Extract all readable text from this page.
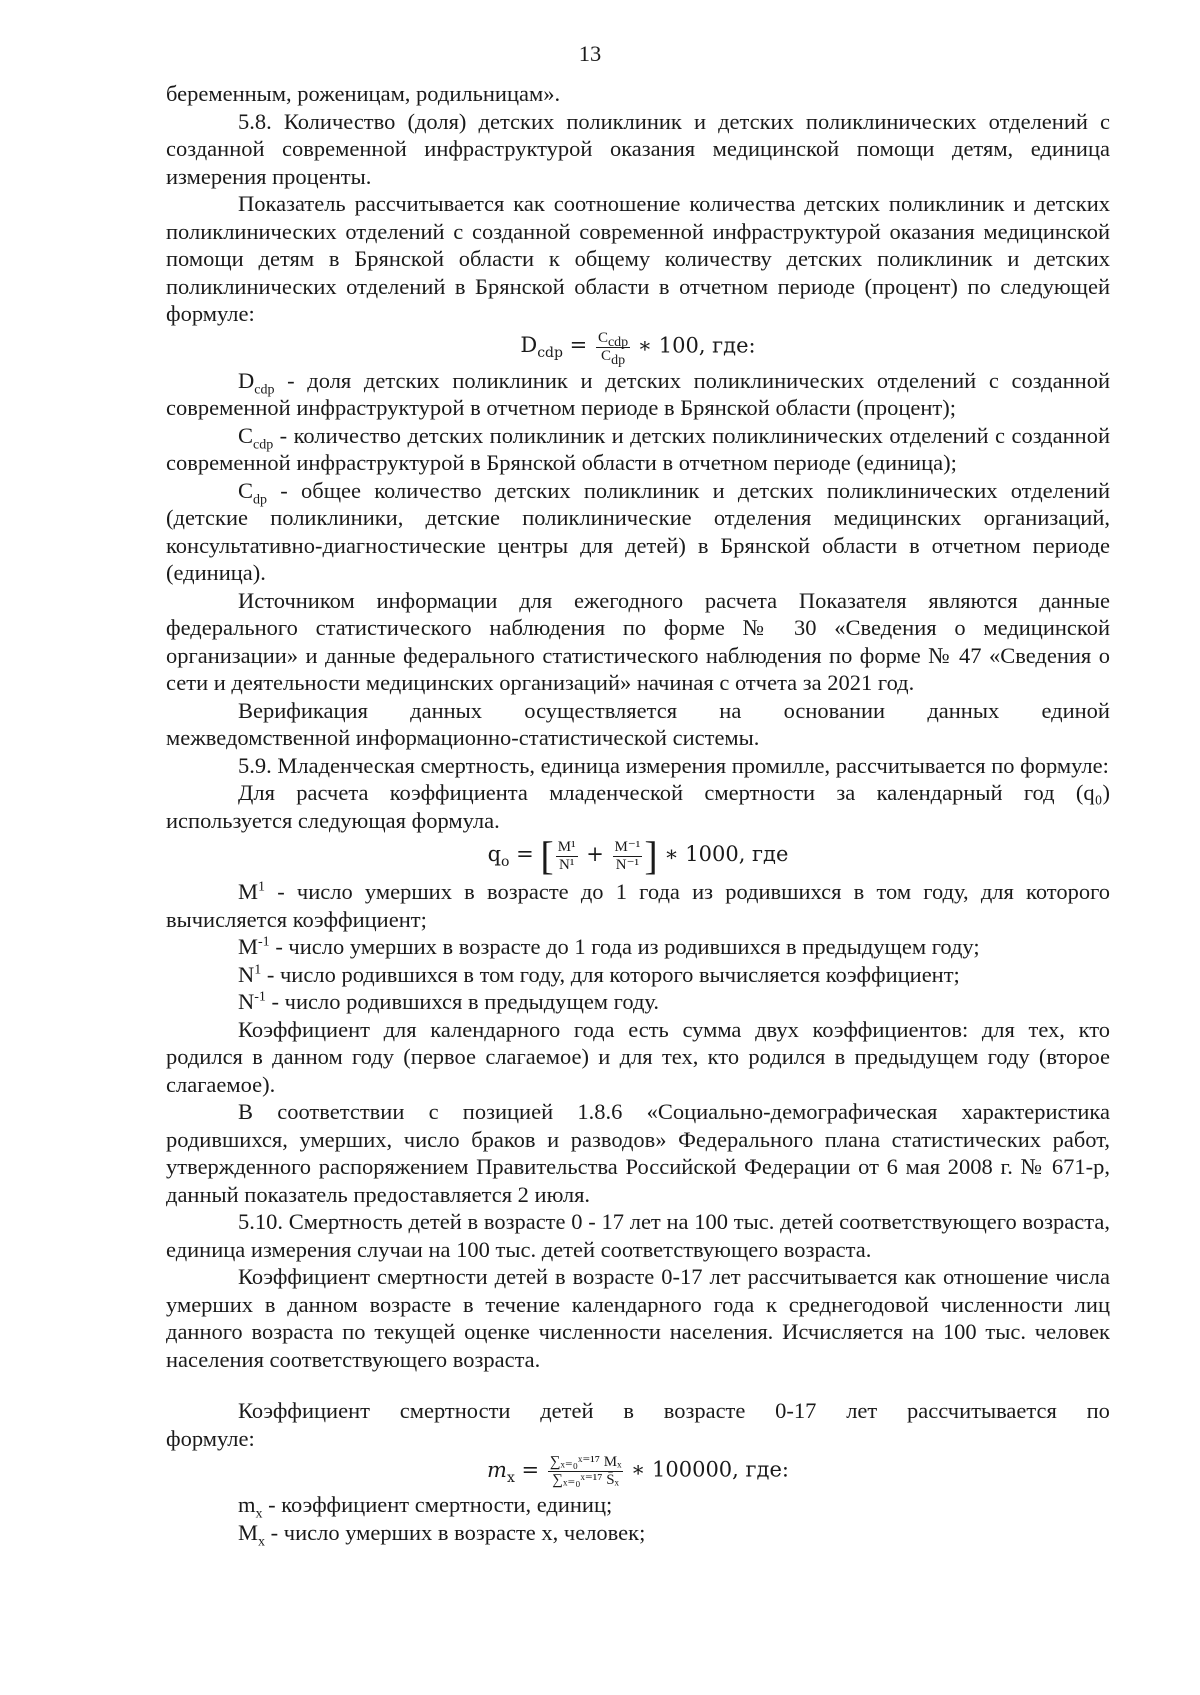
13

беременным, роженицам, родильницам».

5.8. Количество (доля) детских поликлиник и детских поликлинических отделений с созданной современной инфраструктурой оказания медицинской помощи детям, единица измерения проценты.

Показатель рассчитывается как соотношение количества детских поликлиник и детских поликлинических отделений с созданной современной инфраструктурой оказания медицинской помощи детям в Брянской области к общему количеству детских поликлиник и детских поликлинических отделений в Брянской области в отчетном периоде (процент) по следующей формуле:

$D_{cdp} = \frac{C_{cdp}}{C_{dp}}$ ∗ 100, где:

$D_{cdp}$ - доля детских поликлиник и детских поликлинических отделений с созданной современной инфраструктурой в отчетном периоде в Брянской области (процент);

$C_{cdp}$ - количество детских поликлиник и детских поликлинических отделений с созданной современной инфраструктурой в Брянской области в отчетном периоде (единица);

$C_{dp}$ - общее количество детских поликлиник и детских поликлинических отделений (детские поликлиники, детские поликлинические отделения медицинских организаций, консультативно-диагностические центры для детей) в Брянской области в отчетном периоде (единица).

Источником информации для ежегодного расчета Показателя являются данные федерального статистического наблюдения по форме № 30 «Сведения о медицинской организации» и данные федерального статистического наблюдения по форме № 47 «Сведения о сети и деятельности медицинских организаций» начиная с отчета за 2021 год.

Верификация данных осуществляется на основании данных единой

межведомственной информационно-статистической системы.

5.9. Младенческая смертность, единица измерения промилле, рассчитывается по формуле:

Для расчета коэффициента младенческой смертности за календарный год (q₀) используется следующая формула.

$q_o$ = [ $\frac{\text{M¹}}{\text{N¹}} + \frac{\text{M⁻¹}}{\text{N⁻¹}}$ ] ∗ 1000, где

$M^1$ - число умерших в возрасте до 1 года из родившихся в том году, для которого вычисляется коэффициент;

$M^{-1}$ - число умерших в возрасте до 1 года из родившихся в предыдущем году;

$N^1$ - число родившихся в том году, для которого вычисляется коэффициент;

$N^{-1}$ - число родившихся в предыдущем году.

Коэффициент для календарного года есть сумма двух коэффициентов: для тех, кто родился в данном году (первое слагаемое) и для тех, кто родился в предыдущем году (второе слагаемое).

В соответствии с позицией 1.8.6 «Социально-демографическая характеристика родившихся, умерших, число браков и разводов» Федерального плана статистических работ, утвержденного распоряжением Правительства Российской Федерации от 6 мая 2008 г. № 671-р, данный показатель предоставляется 2 июля.

5.10. Смертность детей в возрасте 0 - 17 лет на 100 тыс. детей соответствующего возраста, единица измерения случаи на 100 тыс. детей соответствующего возраста.

Коэффициент смертности детей в возрасте 0-17 лет рассчитывается как отношение числа умерших в данном возрасте в течение календарного года к среднегодовой численности лиц данного возраста по текущей оценке численности населения. Исчисляется на 100 тыс. человек населения соответствующего возраста.

Коэффициент смертности детей в возрасте 0-17 лет рассчитывается по

формуле:

$m_x = \frac{\text{∑ₓ₌₀ˣ⁼¹⁷ Mₓ}}{\text{∑ₓ₌₀ˣ⁼¹⁷ S̄ₓ}}$ ∗ 100000, где:

$m_x$ - коэффициент смертности, единиц;

$M_x$ - число умерших в возрасте x, человек;
